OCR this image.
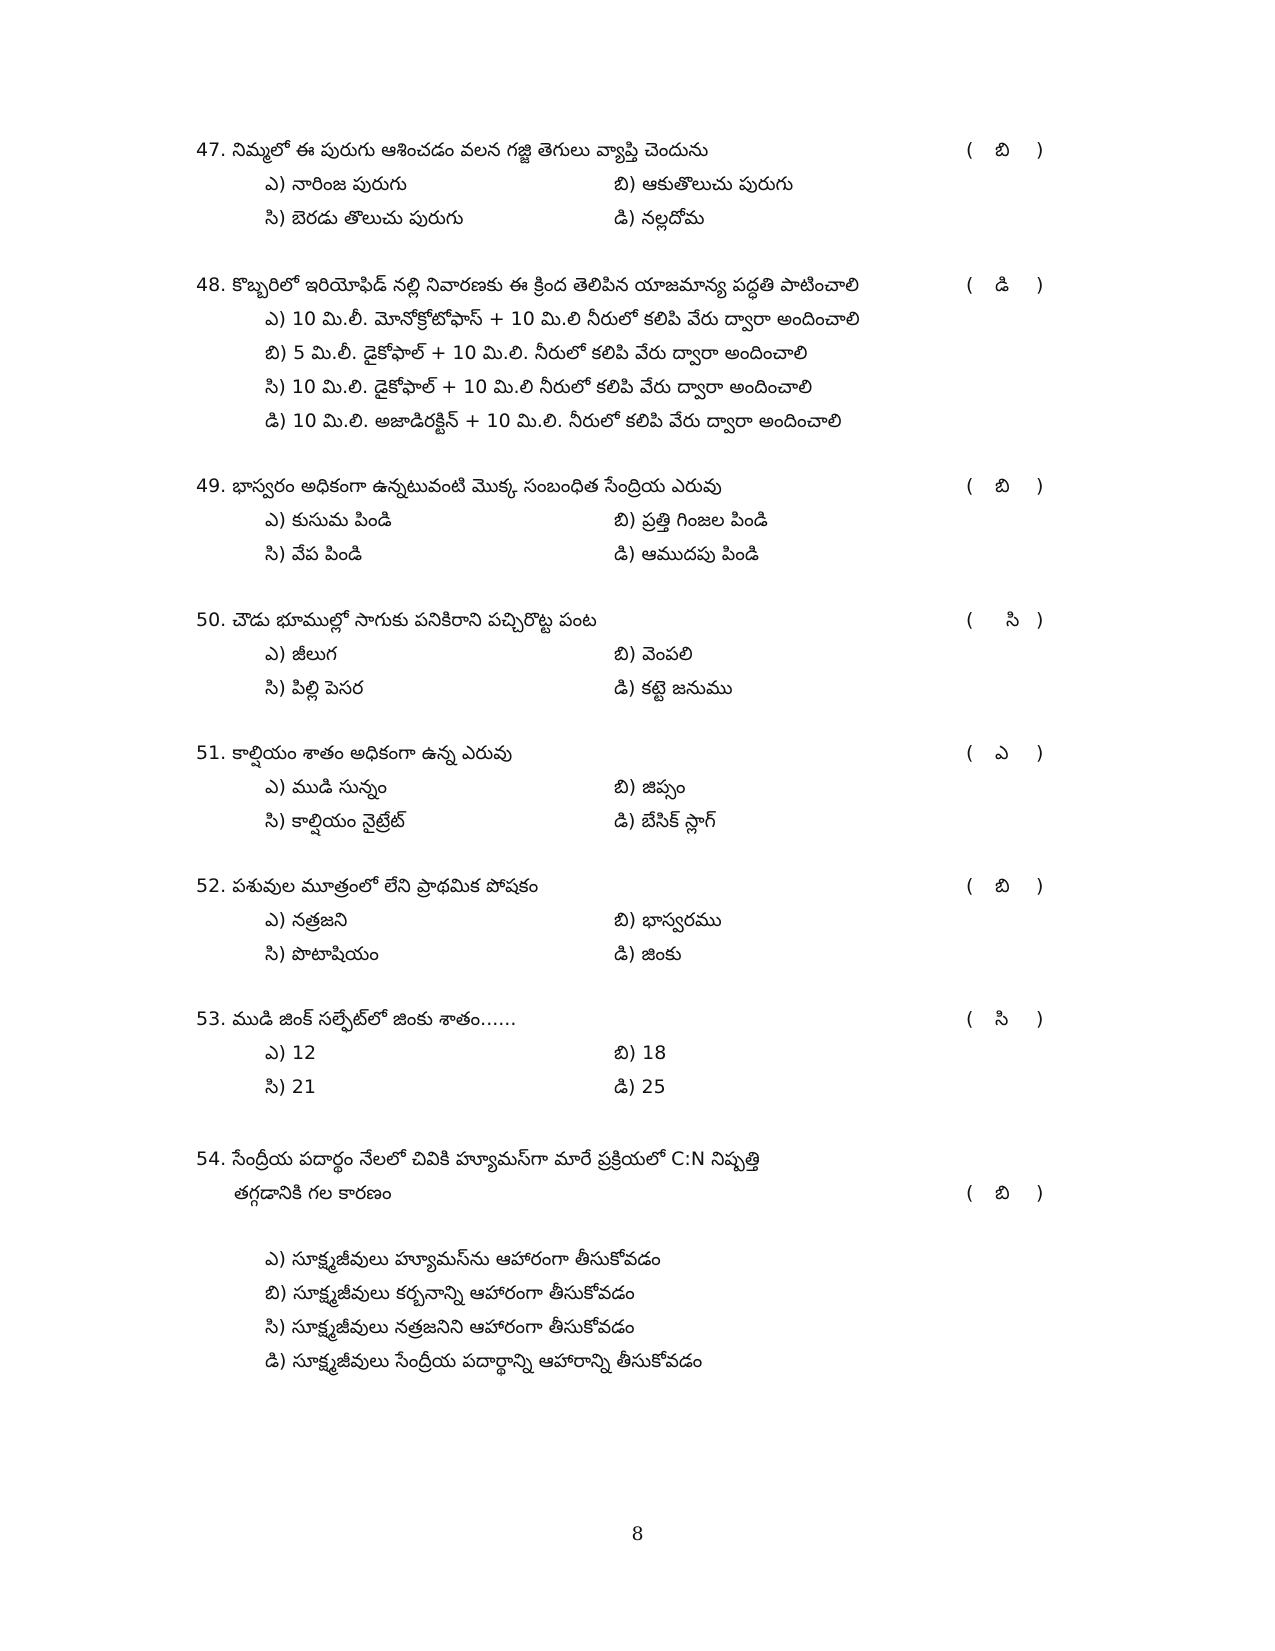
47. నిమ్మలో ఈ పురుగు ఆశించడం వలన గజ్జి తెగులు వ్యాప్తి చెందును	( బి )
ఎ) నారింజ పురుగు	బి) ఆకుతొలుచు పురుగు
సి) బెరడు తొలుచు పురుగు	డి) నల్లదోమ
48. కొబ్బరిలో ఇరియోఫిడ్ నల్లి నివారణకు ఈ క్రింద తెలిపిన యాజమాన్య పద్ధతి పాటించాలి	( డి )
ఎ) 10 మి.లీ. మోనోక్రోటోఫాస్ + 10 మి.లి నీరులో కలిపి వేరు ద్వారా అందించాలి
బి) 5 మి.లీ. డైకోఫాల్ + 10 మి.లి. నీరులో కలిపి వేరు ద్వారా అందించాలి
సి) 10 మి.లి. డైకోఫాల్ + 10 మి.లి నీరులో కలిపి వేరు ద్వారా అందించాలి
డి) 10 మి.లి. అజాడిరక్టిన్ + 10 మి.లి. నీరులో కలిపి వేరు ద్వారా అందించాలి
49. భాస్వరం అధికంగా ఉన్నటువంటి మొక్క సంబంధిత సేంద్రియ ఎరువు	( బి )
ఎ) కుసుమ పిండి	బి) ప్రత్తి గింజల పిండి
సి) వేప పిండి	డి) ఆముదపు పిండి
50. చౌడు భూముల్లో సాగుకు పనికిరాని పచ్చిరొట్ట పంట	( సి )
ఎ) జీలుగ	బి) వెంపలి
సి) పిల్లి పెసర	డి) కట్టె జనుము
51. కాల్షియం శాతం అధికంగా ఉన్న ఎరువు	( ఎ )
ఎ) ముడి సున్నం	బి) జిప్సం
సి) కాల్షియం నైట్రేట్	డి) బేసిక్ స్లాగ్
52. పశువుల మూత్రంలో లేని ప్రాథమిక పోషకం	( బి )
ఎ) నత్రజని	బి) భాస్వరము
సి) పొటాషియం	డి) జింకు
53. ముడి జింక్ సల్ఫేట్‌లో జింకు శాతం......	( సి )
ఎ) 12	బి) 18
సి) 21	డి) 25
54. సేంద్రీయ పదార్థం నేలలో చివికి హ్యూమస్‌గా మారే ప్రక్రియలో C:N నిష్పత్తి
తగ్గడానికి గల కారణం	( బి )
ఎ) సూక్ష్మజీవులు హ్యూమస్‌ను ఆహారంగా తీసుకోవడం
బి) సూక్ష్మజీవులు కర్బనాన్ని ఆహారంగా తీసుకోవడం
సి) సూక్ష్మజీవులు నత్రజనిని ఆహారంగా తీసుకోవడం
డి) సూక్ష్మజీవులు సేంద్రీయ పదార్థాన్ని ఆహారాన్ని తీసుకోవడం
8
